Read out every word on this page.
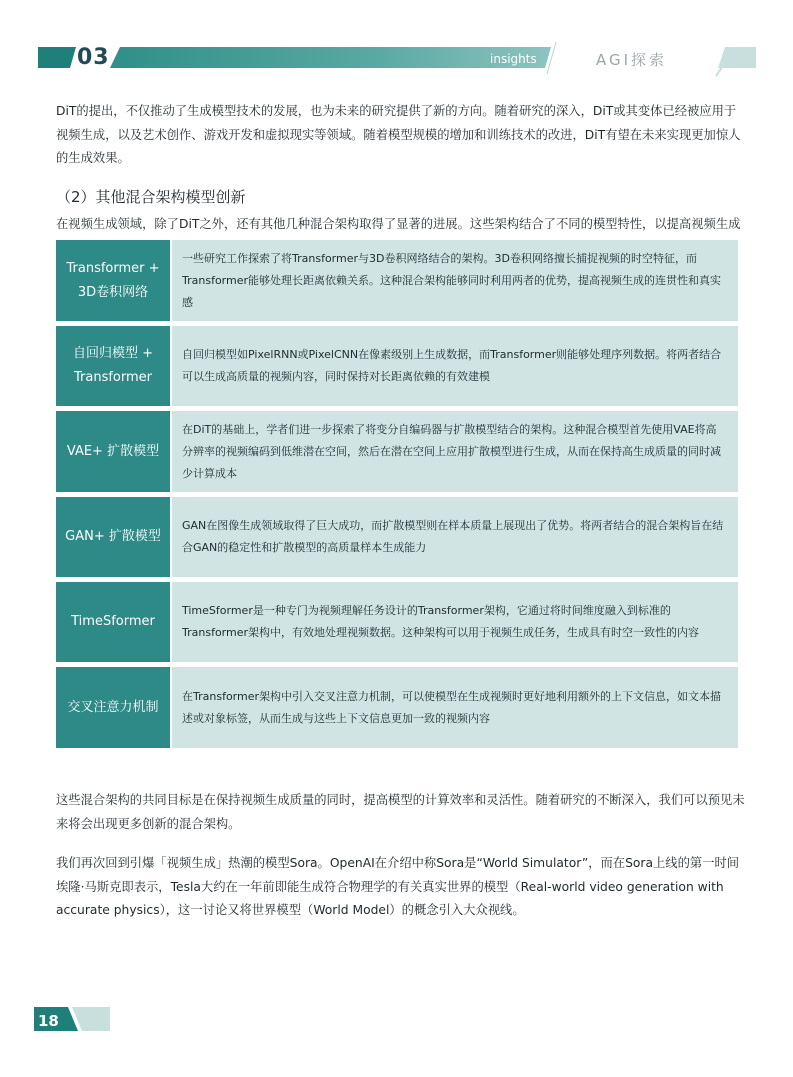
03	insights	AGI探索

DiT的提出，不仅推动了生成模型技术的发展，也为未来的研究提供了新的方向。随着研究的深入，DiT或其变体已经被应用于视频生成，以及艺术创作、游戏开发和虚拟现实等领域。随着模型规模的增加和训练技术的改进，DiT有望在未来实现更加惊人的生成效果。

（2）其他混合架构模型创新

在视频生成领域，除了DiT之外，还有其他几种混合架构取得了显著的进展。这些架构结合了不同的模型特性，以提高视频生成

Transformer + 3D卷积网络
一些研究工作探索了将Transformer与3D卷积网络结合的架构。3D卷积网络擅长捕捉视频的时空特征，而Transformer能够处理长距离依赖关系。这种混合架构能够同时利用两者的优势，提高视频生成的连贯性和真实感
自回归模型 + Transformer
自回归模型如PixelRNN或PixelCNN在像素级别上生成数据，而Transformer则能够处理序列数据。将两者结合可以生成高质量的视频内容，同时保持对长距离依赖的有效建模
VAE+ 扩散模型
在DiT的基础上，学者们进一步探索了将变分自编码器与扩散模型结合的架构。这种混合模型首先使用VAE将高分辨率的视频编码到低维潜在空间，然后在潜在空间上应用扩散模型进行生成，从而在保持高生成质量的同时减少计算成本
GAN+ 扩散模型
GAN在图像生成领域取得了巨大成功，而扩散模型则在样本质量上展现出了优势。将两者结合的混合架构旨在结合GAN的稳定性和扩散模型的高质量样本生成能力
TimeSformer
TimeSformer是一种专门为视频理解任务设计的Transformer架构，它通过将时间维度融入到标准的Transformer架构中，有效地处理视频数据。这种架构可以用于视频生成任务，生成具有时空一致性的内容
交叉注意力机制
在Transformer架构中引入交叉注意力机制，可以使模型在生成视频时更好地利用额外的上下文信息，如文本描述或对象标签，从而生成与这些上下文信息更加一致的视频内容

这些混合架构的共同目标是在保持视频生成质量的同时，提高模型的计算效率和灵活性。随着研究的不断深入，我们可以预见未来将会出现更多创新的混合架构。

我们再次回到引爆「视频生成」热潮的模型Sora。OpenAI在介绍中称Sora是“World Simulator”，而在Sora上线的第一时间埃隆·马斯克即表示，Tesla大约在一年前即能生成符合物理学的有关真实世界的模型（Real-world video generation with accurate physics），这一讨论又将世界模型（World Model）的概念引入大众视线。

18
